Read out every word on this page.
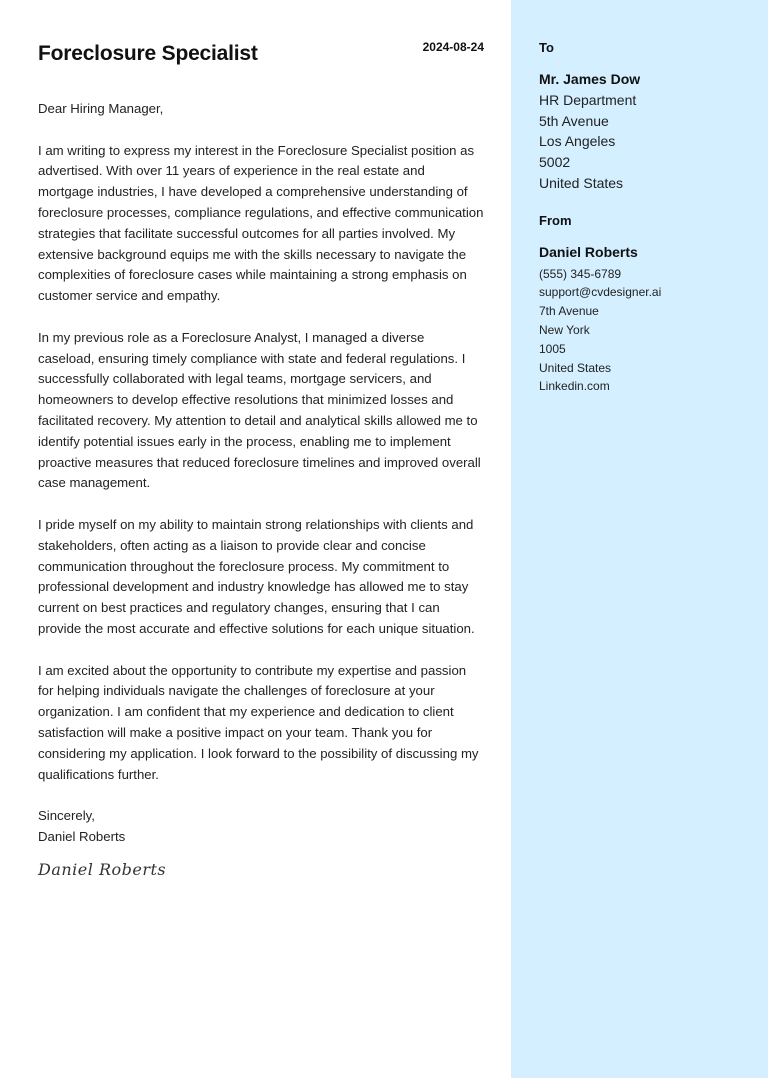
Foreclosure Specialist	2024-08-24

Dear Hiring Manager,

I am writing to express my interest in the Foreclosure Specialist position as advertised. With over 11 years of experience in the real estate and mortgage industries, I have developed a comprehensive understanding of foreclosure processes, compliance regulations, and effective communication strategies that facilitate successful outcomes for all parties involved. My extensive background equips me with the skills necessary to navigate the complexities of foreclosure cases while maintaining a strong emphasis on customer service and empathy.

In my previous role as a Foreclosure Analyst, I managed a diverse caseload, ensuring timely compliance with state and federal regulations. I successfully collaborated with legal teams, mortgage servicers, and homeowners to develop effective resolutions that minimized losses and facilitated recovery. My attention to detail and analytical skills allowed me to identify potential issues early in the process, enabling me to implement proactive measures that reduced foreclosure timelines and improved overall case management.

I pride myself on my ability to maintain strong relationships with clients and stakeholders, often acting as a liaison to provide clear and concise communication throughout the foreclosure process. My commitment to professional development and industry knowledge has allowed me to stay current on best practices and regulatory changes, ensuring that I can provide the most accurate and effective solutions for each unique situation.

I am excited about the opportunity to contribute my expertise and passion for helping individuals navigate the challenges of foreclosure at your organization. I am confident that my experience and dedication to client satisfaction will make a positive impact on your team. Thank you for considering my application. I look forward to the possibility of discussing my qualifications further.

Sincerely,

Daniel Roberts

Daniel Roberts
To
Mr. James Dow
HR Department
5th Avenue
Los Angeles
5002
United States
From
Daniel Roberts
(555) 345-6789
support@cvdesigner.ai
7th Avenue
New York
1005
United States
Linkedin.com
